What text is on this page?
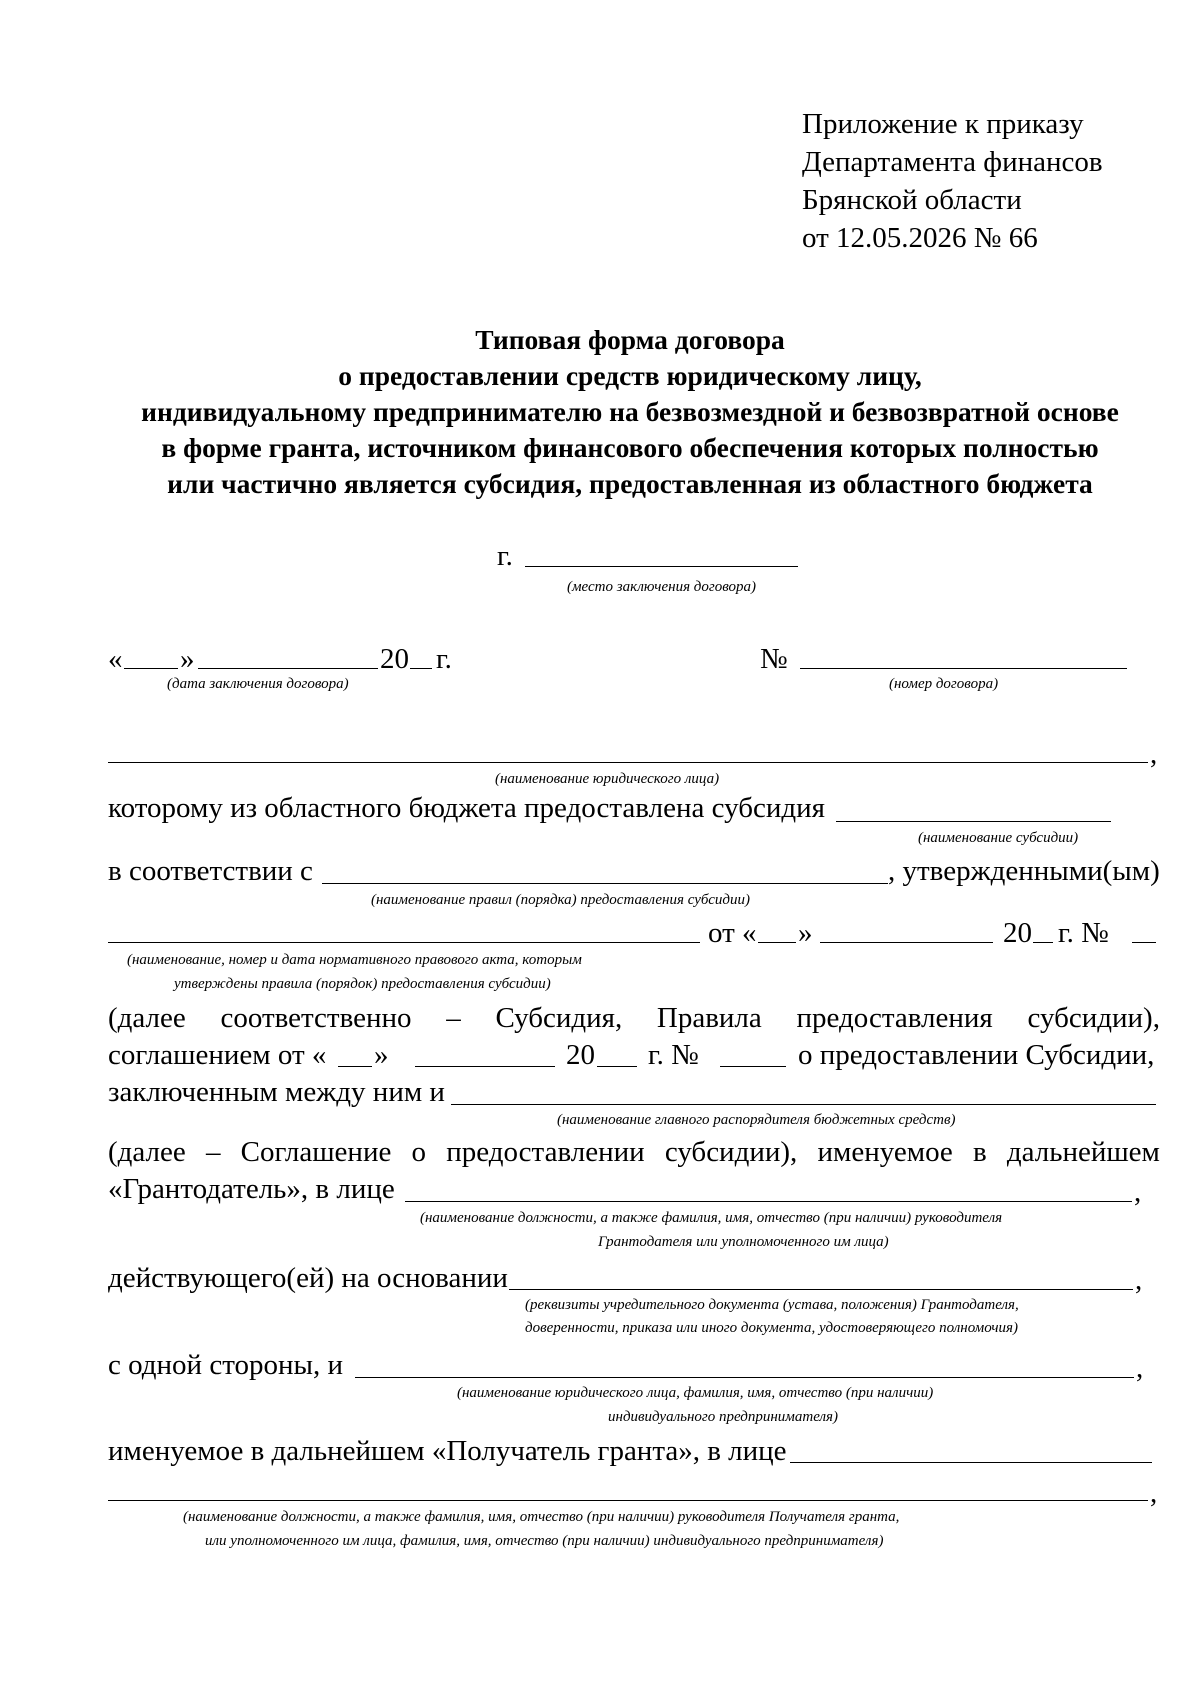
Приложение к приказу
Департамента финансов
Брянской области
от 12.05.2026 № 66
Типовая форма договора
о предоставлении средств юридическому лицу,
индивидуальному предпринимателю на безвозмездной и безвозвратной основе
в форме гранта, источником финансового обеспечения которых полностью
или частично является субсидия, предоставленная из областного бюджета
г.
(место заключения договора)
« »	20 г.
(дата заключения договора)
№
(номер договора)
,
(наименование юридического лица)
которому из областного бюджета предоставлена субсидия
(наименование субсидии)
в соответствии с	, утвержденными(ым)
(наименование правил (порядка) предоставления субсидии)
от « »	20 г. №
(наименование, номер и дата нормативного правового акта, которым
утверждены правила (порядок) предоставления субсидии)
(далее соответственно – Субсидия, Правила предоставления субсидии),
соглашением от « »	20 г. №	о предоставлении Субсидии,
заключенным между ним и
(наименование главного распорядителя бюджетных средств)
(далее – Соглашение о предоставлении субсидии), именуемое в дальнейшем
«Грантодатель», в лице	,
(наименование должности, а также фамилия, имя, отчество (при наличии) руководителя
Грантодателя или уполномоченного им лица)
действующего(ей) на основании	,
(реквизиты учредительного документа (устава, положения) Грантодателя,
доверенности, приказа или иного документа, удостоверяющего полномочия)
с одной стороны, и	,
(наименование юридического лица, фамилия, имя, отчество (при наличии)
индивидуального предпринимателя)
именуемое в дальнейшем «Получатель гранта», в лице
,
(наименование должности, а также фамилия, имя, отчество (при наличии) руководителя Получателя гранта,
или уполномоченного им лица, фамилия, имя, отчество (при наличии) индивидуального предпринимателя)
